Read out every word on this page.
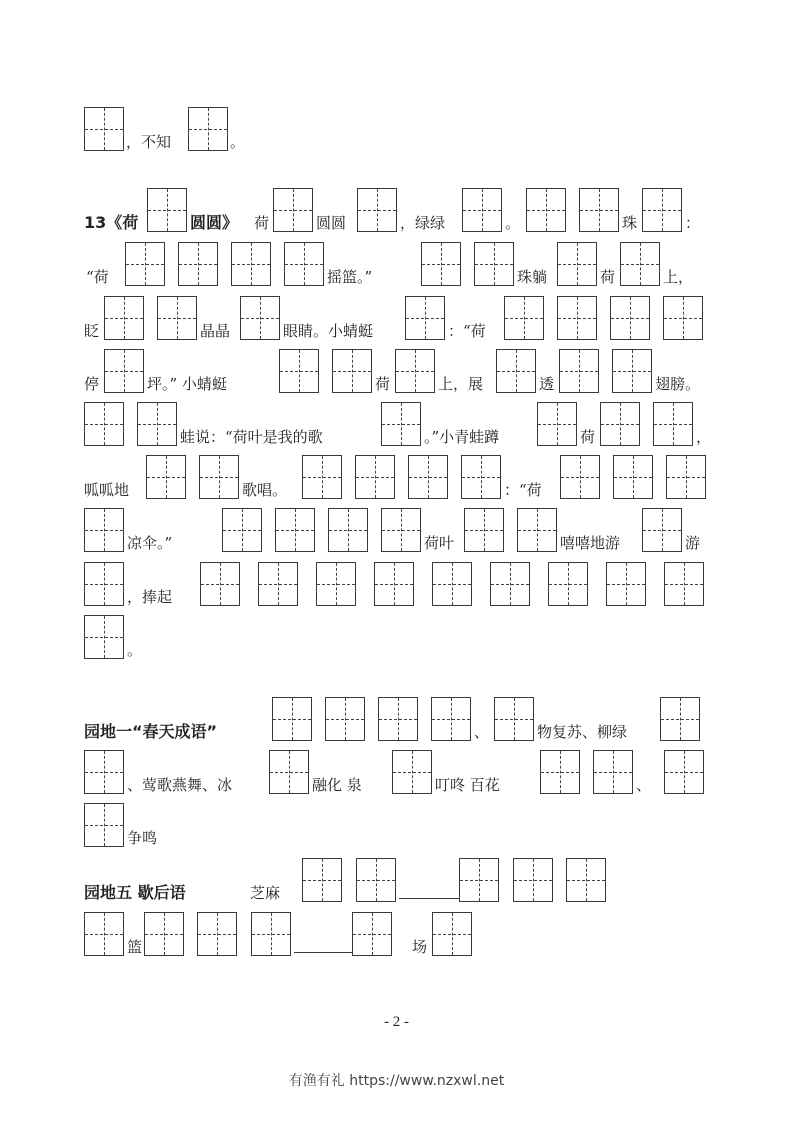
，不知	。
13《荷	圆圆》 荷	圆圆	，绿绿	。	珠	：
“荷	摇篮。”	珠躺	荷	上，
眨	晶晶	眼睛。小蜻蜓	：“荷
停	坪。” 小蜻蜓	荷	上，展	透	翅膀。
蛙说：“荷叶是我的歌	。”小青蛙蹲	荷	，
呱呱地	歌唱。	：“荷
凉伞。”	荷叶	嘻嘻地游	游
，捧起
。
园地一“春天成语”	、	物复苏、柳绿
、莺歌燕舞、冰	融化 泉	叮咚 百花	、
争鸣
园地五 歇后语	芝麻
篮	场
- 2 -
有渔有礼 https://www.nzxwl.net
